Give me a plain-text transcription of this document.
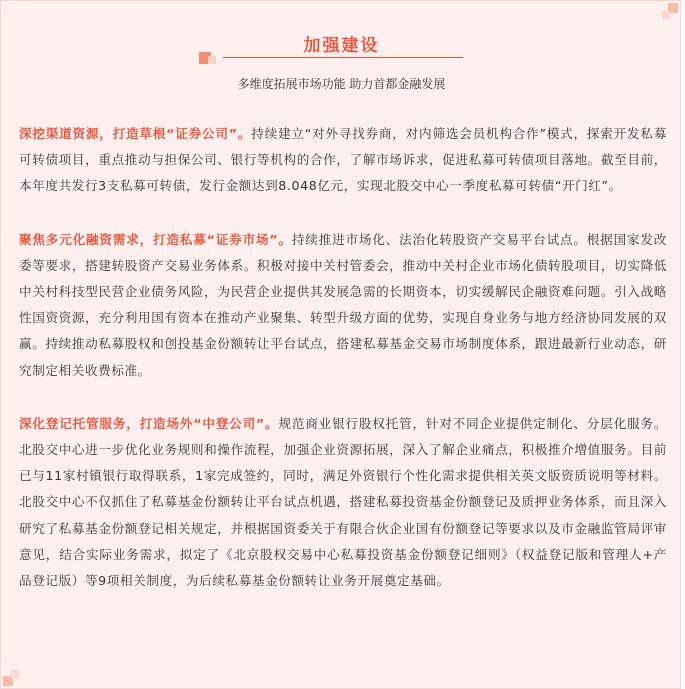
加强建设
多维度拓展市场功能 助力首都金融发展

深挖渠道资源，打造草根“证券公司”。持续建立“对外寻找券商，对内筛选会员机构合作”模式，探索开发私募可转债项目，重点推动与担保公司、银行等机构的合作，了解市场诉求，促进私募可转债项目落地。截至目前，本年度共发行3支私募可转债，发行金额达到8.048亿元，实现北股交中心一季度私募可转债“开门红”。

聚焦多元化融资需求，打造私募“证券市场”。持续推进市场化、法治化转股资产交易平台试点。根据国家发改委等要求，搭建转股资产交易业务体系。积极对接中关村管委会，推动中关村企业市场化债转股项目，切实降低中关村科技型民营企业债务风险，为民营企业提供其发展急需的长期资本，切实缓解民企融资难问题。引入战略性国资资源，充分利用国有资本在推动产业聚集、转型升级方面的优势，实现自身业务与地方经济协同发展的双赢。持续推动私募股权和创投基金份额转让平台试点，搭建私募基金交易市场制度体系，跟进最新行业动态，研究制定相关收费标准。

深化登记托管服务，打造场外“中登公司”。规范商业银行股权托管，针对不同企业提供定制化、分层化服务。北股交中心进一步优化业务规则和操作流程，加强企业资源拓展，深入了解企业痛点，积极推介增值服务。目前已与11家村镇银行取得联系，1家完成签约，同时，满足外资银行个性化需求提供相关英文版资质说明等材料。北股交中心不仅抓住了私募基金份额转让平台试点机遇，搭建私募投资基金份额登记及质押业务体系，而且深入研究了私募基金份额登记相关规定，并根据国资委关于有限合伙企业国有份额登记等要求以及市金融监管局评审意见，结合实际业务需求，拟定了《北京股权交易中心私募投资基金份额登记细则》（权益登记版和管理人+产品登记版）等9项相关制度，为后续私募基金份额转让业务开展奠定基础。
